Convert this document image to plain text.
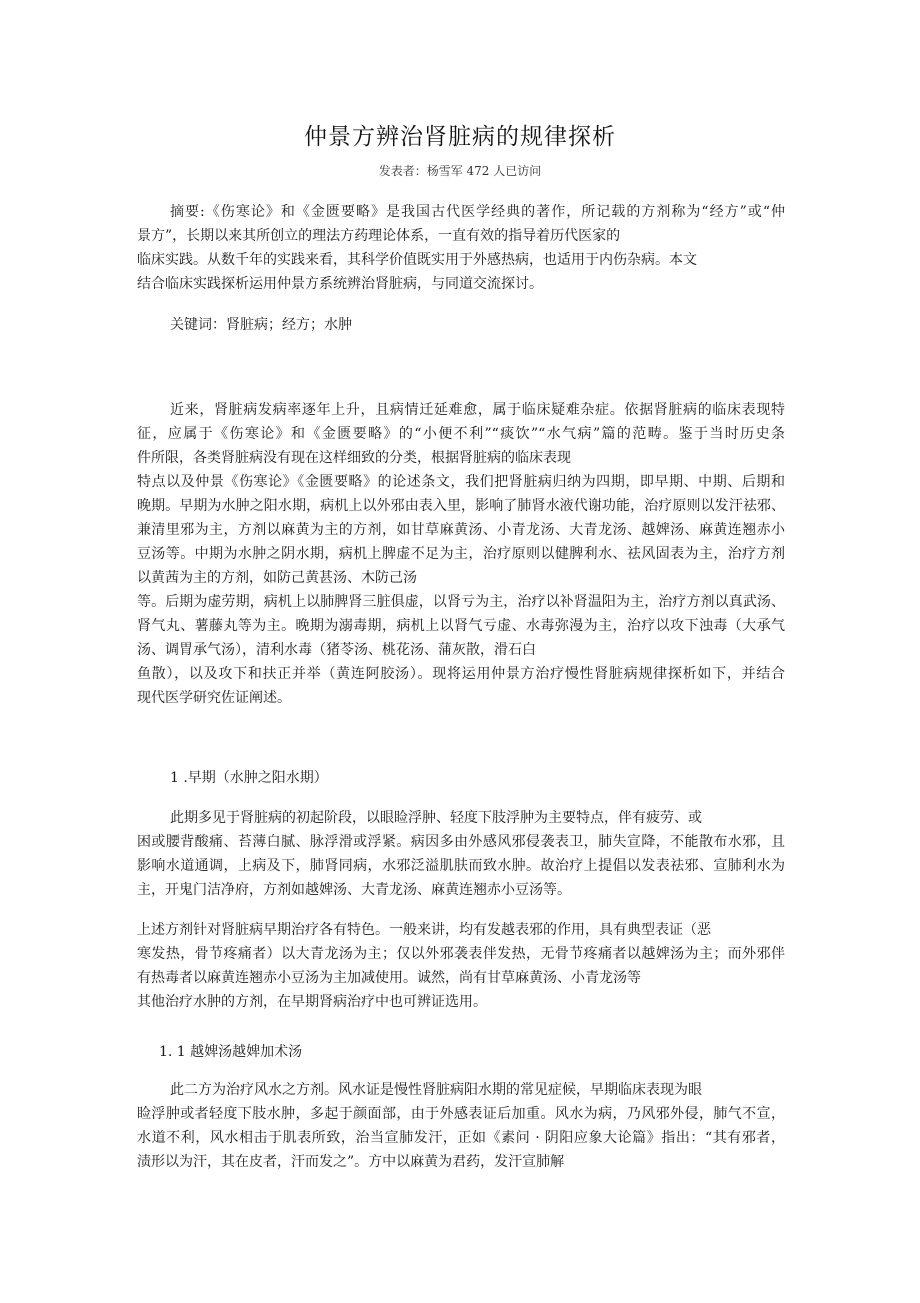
仲景方辨治肾脏病的规律探析
发表者：杨雪军 472 人已访问
摘要:《伤寒论》和《金匮要略》是我国古代医学经典的著作，所记载的方剂称为“经方”或“仲
景方”，长期以来其所创立的理法方药理论体系，一直有效的指导着历代医家的
临床实践。从数千年的实践来看，其科学价值既实用于外感热病，也适用于内伤杂病。本文
结合临床实践探析运用仲景方系统辨治肾脏病，与同道交流探讨。
关键词：肾脏病；经方；水肿
近来，肾脏病发病率逐年上升，且病情迁延难愈，属于临床疑难杂症。依据肾脏病的临床表现特
征，应属于《伤寒论》和《金匮要略》的“小便不利”“痰饮”“水气病”篇的范畴。鉴于当时历史条
件所限，各类肾脏病没有现在这样细致的分类，根据肾脏病的临床表现
特点以及仲景《伤寒论》《金匮要略》的论述条文，我们把肾脏病归纳为四期，即早期、中期、后期和
晚期。早期为水肿之阳水期，病机上以外邪由表入里，影响了肺肾水液代谢功能，治疗原则以发汗祛邪、
兼清里邪为主，方剂以麻黄为主的方剂，如甘草麻黄汤、小青龙汤、大青龙汤、越婢汤、麻黄连翘赤小
豆汤等。中期为水肿之阴水期，病机上脾虚不足为主，治疗原则以健脾利水、祛风固表为主，治疗方剂
以黄茜为主的方剂，如防己黄甚汤、木防己汤
等。后期为虚劳期，病机上以肺脾肾三脏俱虚，以肾亏为主，治疗以补肾温阳为主，治疗方剂以真武汤、
肾气丸、薯藤丸等为主。晚期为溺毒期，病机上以肾气亏虚、水毒弥漫为主，治疗以攻下浊毒（大承气
汤、调胃承气汤），清利水毒（猪苓汤、桃花汤、蒲灰散，滑石白
鱼散），以及攻下和扶正并举（黄连阿胶汤）。现将运用仲景方治疗慢性肾脏病规律探析如下，并结合
现代医学研究佐证阐述。
1 .早期（水肿之阳水期）
此期多见于肾脏病的初起阶段，以眼睑浮肿、轻度下肢浮肿为主要特点，伴有疲劳、或
困或腰背酸痛、苔薄白腻、脉浮滑或浮紧。病因多由外感风邪侵袭表卫，肺失宣降，不能散布水邪，且
影响水道通调，上病及下，肺肾同病，水邪泛溢肌肤而致水肿。故治疗上提倡以发表祛邪、宣肺利水为
主，开鬼门洁净府，方剂如越婢汤、大青龙汤、麻黄连翘赤小豆汤等。
上述方剂针对肾脏病早期治疗各有特色。一般来讲，均有发越表邪的作用，具有典型表证（恶
寒发热，骨节疼痛者）以大青龙汤为主；仅以外邪袭表伴发热，无骨节疼痛者以越婢汤为主；而外邪伴
有热毒者以麻黄连翘赤小豆汤为主加减使用。诚然，尚有甘草麻黄汤、小青龙汤等
其他治疗水肿的方剂，在早期肾病治疗中也可辨证选用。
1. 1 越婢汤越婢加术汤
此二方为治疗风水之方剂。风水证是慢性肾脏病阳水期的常见症候，早期临床表现为眼
睑浮肿或者轻度下肢水肿，多起于颜面部，由于外感表证后加重。风水为病，乃风邪外侵，肺气不宣，
水道不利，风水相击于肌表所致，治当宣肺发汗，正如《素问 · 阴阳应象大论篇》指出：“其有邪者，
渍形以为汗，其在皮者，汗而发之”。方中以麻黄为君药，发汗宣肺解
